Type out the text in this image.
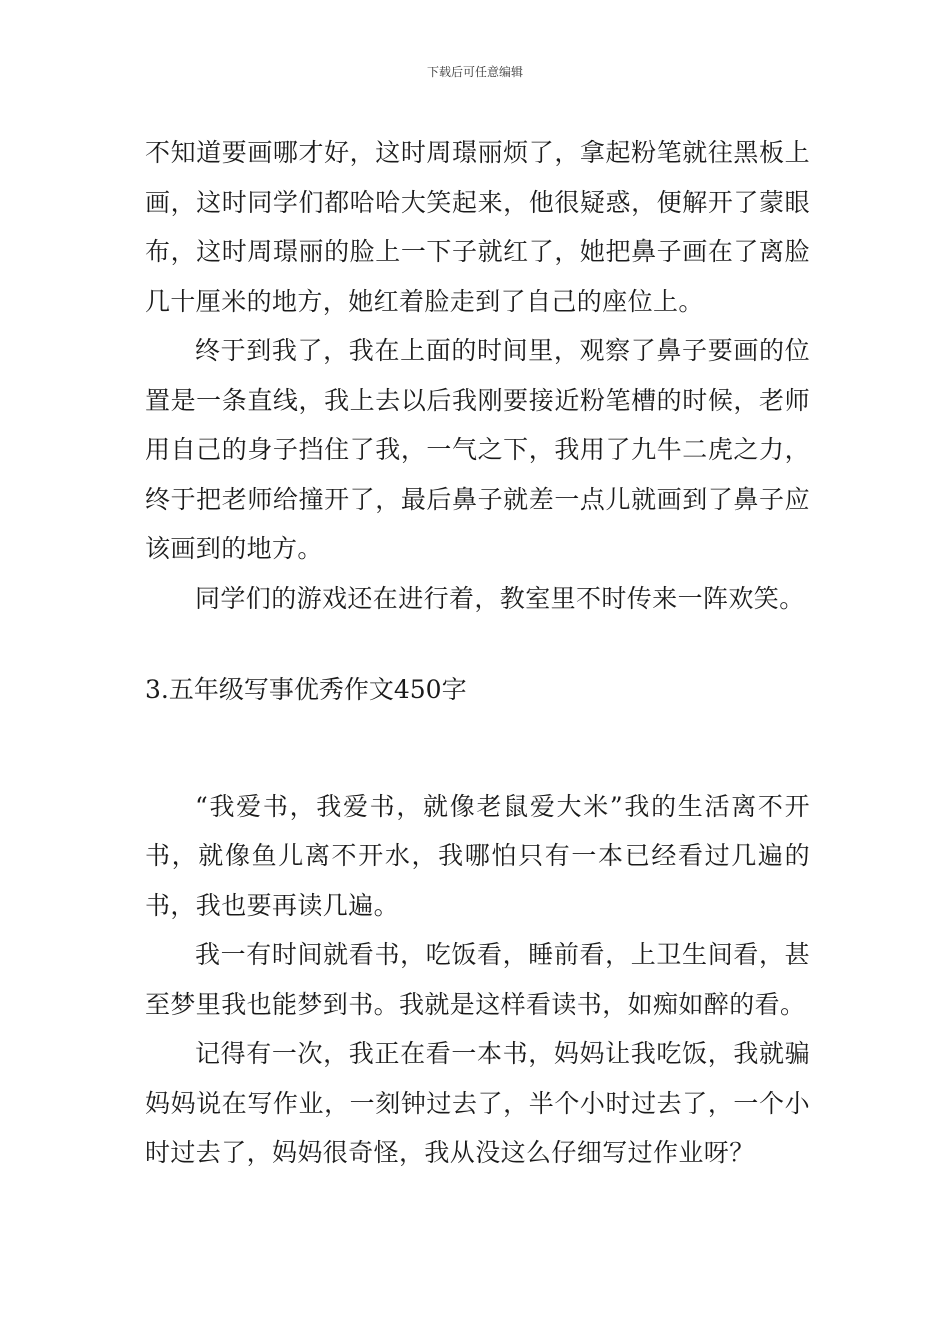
下载后可任意编辑

不知道要画哪才好，这时周璟丽烦了，拿起粉笔就往黑板上画，这时同学们都哈哈大笑起来，他很疑惑，便解开了蒙眼布，这时周璟丽的脸上一下子就红了，她把鼻子画在了离脸几十厘米的地方，她红着脸走到了自己的座位上。

终于到我了，我在上面的时间里，观察了鼻子要画的位置是一条直线，我上去以后我刚要接近粉笔槽的时候，老师用自己的身子挡住了我，一气之下，我用了九牛二虎之力，终于把老师给撞开了，最后鼻子就差一点儿就画到了鼻子应该画到的地方。

同学们的游戏还在进行着，教室里不时传来一阵欢笑。

3.五年级写事优秀作文450字

“我爱书，我爱书，就像老鼠爱大米”我的生活离不开书，就像鱼儿离不开水，我哪怕只有一本已经看过几遍的书，我也要再读几遍。

我一有时间就看书，吃饭看，睡前看，上卫生间看，甚至梦里我也能梦到书。我就是这样看读书，如痴如醉的看。

记得有一次，我正在看一本书，妈妈让我吃饭，我就骗妈妈说在写作业，一刻钟过去了，半个小时过去了，一个小时过去了，妈妈很奇怪，我从没这么仔细写过作业呀？
